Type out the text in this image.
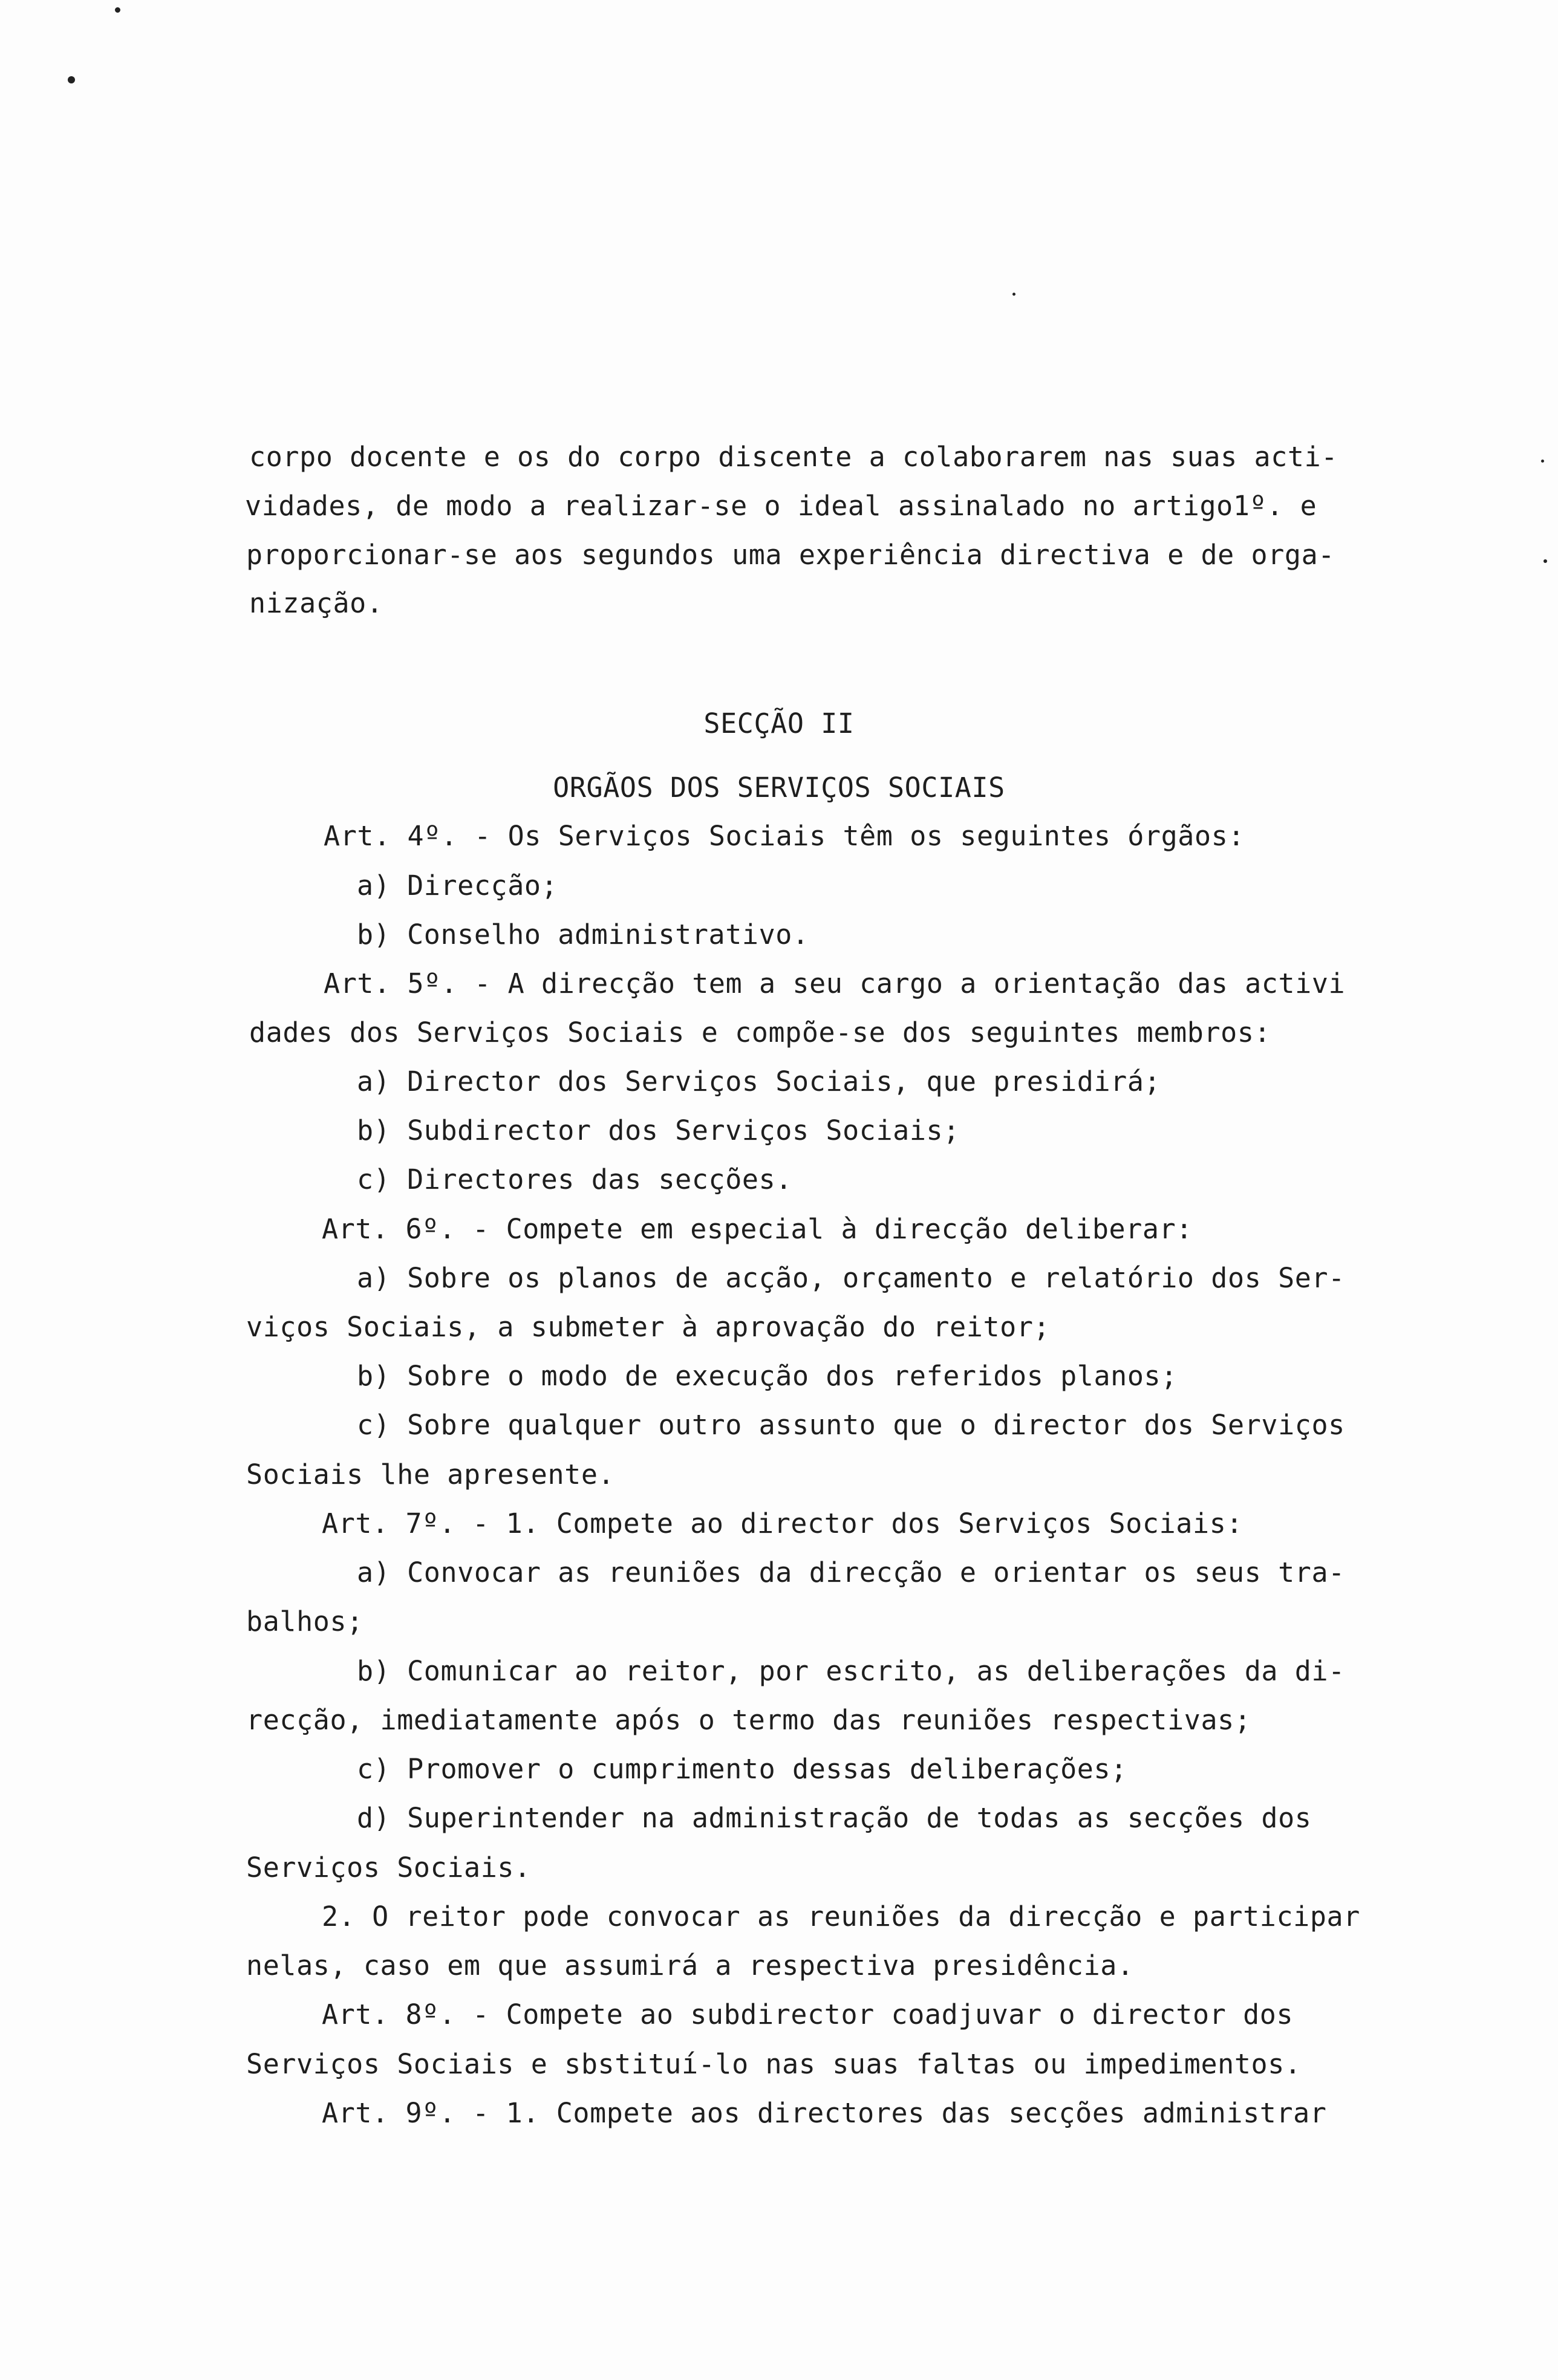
corpo docente e os do corpo discente a colaborarem nas suas acti-
vidades, de modo a realizar-se o ideal assinalado no artigo1º. e
proporcionar-se aos segundos uma experiência directiva e de orga-
nização.
SECÇÃO II
ORGÃOS DOS SERVIÇOS SOCIAIS
Art. 4º. - Os Serviços Sociais têm os seguintes órgãos:
a) Direcção;
b) Conselho administrativo.
Art. 5º. - A direcção tem a seu cargo a orientação das activi
dades dos Serviços Sociais e compõe-se dos seguintes membros:
a) Director dos Serviços Sociais, que presidirá;
b) Subdirector dos Serviços Sociais;
c) Directores das secções.
Art. 6º. - Compete em especial à direcção deliberar:
a) Sobre os planos de acção, orçamento e relatório dos Ser-
viços Sociais, a submeter à aprovação do reitor;
b) Sobre o modo de execução dos referidos planos;
c) Sobre qualquer outro assunto que o director dos Serviços
Sociais lhe apresente.
Art. 7º. - 1. Compete ao director dos Serviços Sociais:
a) Convocar as reuniões da direcção e orientar os seus tra-
balhos;
b) Comunicar ao reitor, por escrito, as deliberações da di-
recção, imediatamente após o termo das reuniões respectivas;
c) Promover o cumprimento dessas deliberações;
d) Superintender na administração de todas as secções dos
Serviços Sociais.
2. O reitor pode convocar as reuniões da direcção e participar
nelas, caso em que assumirá a respectiva presidência.
Art. 8º. - Compete ao subdirector coadjuvar o director dos
Serviços Sociais e sbstituí-lo nas suas faltas ou impedimentos.
Art. 9º. - 1. Compete aos directores das secções administrar
